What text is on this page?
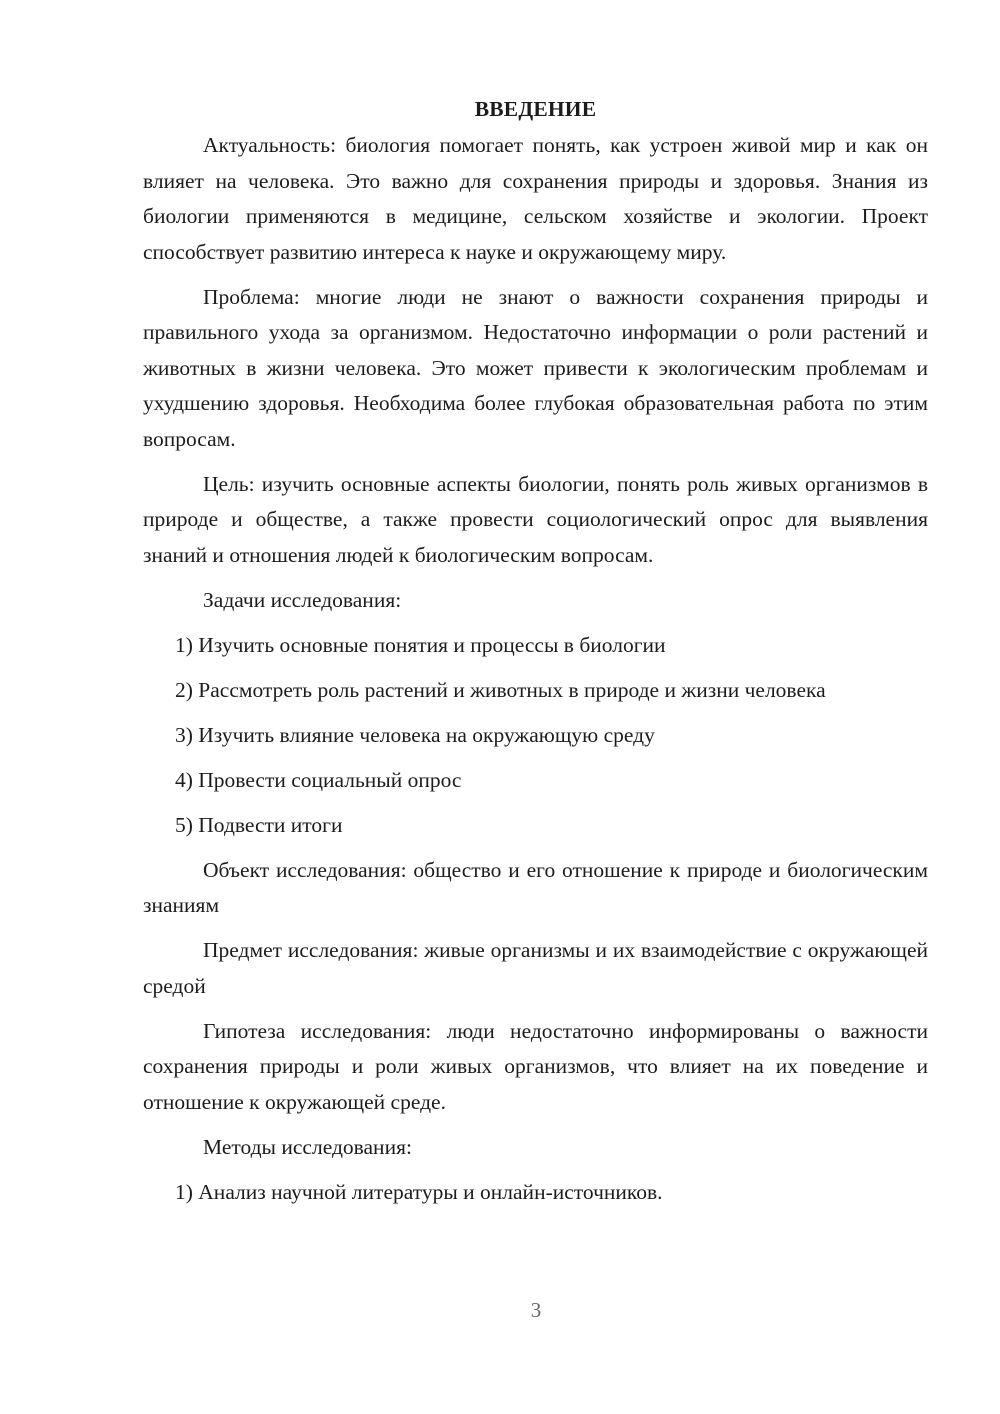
ВВЕДЕНИЕ

Актуальность: биология помогает понять, как устроен живой мир и как он влияет на человека. Это важно для сохранения природы и здоровья. Знания из биологии применяются в медицине, сельском хозяйстве и экологии. Проект способствует развитию интереса к науке и окружающему миру.

Проблема: многие люди не знают о важности сохранения природы и правильного ухода за организмом. Недостаточно информации о роли растений и животных в жизни человека. Это может привести к экологическим проблемам и ухудшению здоровья. Необходима более глубокая образовательная работа по этим вопросам.

Цель: изучить основные аспекты биологии, понять роль живых организмов в природе и обществе, а также провести социологический опрос для выявления знаний и отношения людей к биологическим вопросам.

Задачи исследования:

1) Изучить основные понятия и процессы в биологии

2) Рассмотреть роль растений и животных в природе и жизни человека

3) Изучить влияние человека на окружающую среду

4) Провести социальный опрос

5) Подвести итоги

Объект исследования: общество и его отношение к природе и биологическим знаниям

Предмет исследования: живые организмы и их взаимодействие с окружающей средой

Гипотеза исследования: люди недостаточно информированы о важности сохранения природы и роли живых организмов, что влияет на их поведение и отношение к окружающей среде.

Методы исследования:

1) Анализ научной литературы и онлайн-источников.

3
